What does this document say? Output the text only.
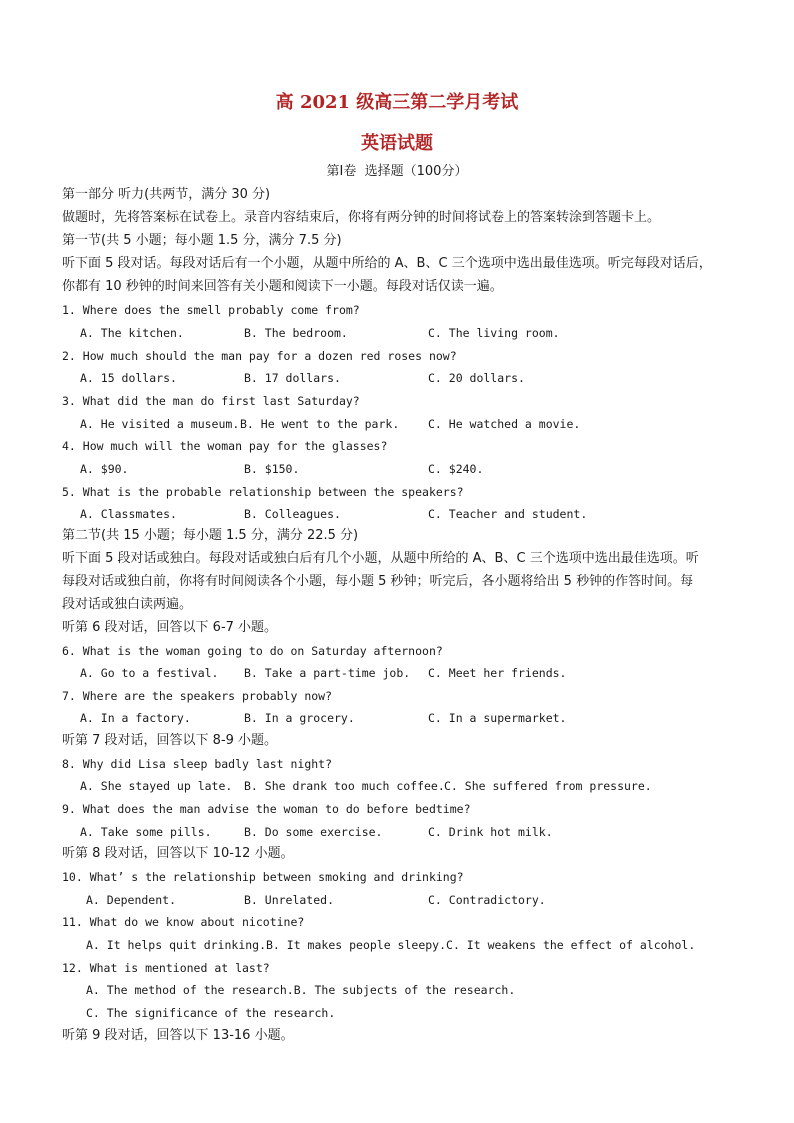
高 2021 级高三第二学月考试
英语试题
第Ⅰ卷  选择题（100分）
第一部分 听力(共两节，满分 30 分)
做题时，先将答案标在试卷上。录音内容结束后，你将有两分钟的时间将试卷上的答案转涂到答题卡上。
第一节(共 5 小题；每小题 1.5 分，满分 7.5 分)
听下面 5 段对话。每段对话后有一个小题，从题中所给的 A、B、C 三个选项中选出最佳选项。听完每段对话后，
你都有 10 秒钟的时间来回答有关小题和阅读下一小题。每段对话仅读一遍。
1. Where does the smell probably come from?
A. The kitchen.	B. The bedroom.	C. The living room.
2. How much should the man pay for a dozen red roses now?
A. 15 dollars.	B. 17 dollars.	C. 20 dollars.
3. What did the man do first last Saturday?
A. He visited a museum. B. He went to the park.	C. He watched a movie.
4. How much will the woman pay for the glasses?
A. $90.	B. $150.	C. $240.
5. What is the probable relationship between the speakers?
A. Classmates.	B. Colleagues.	C. Teacher and student.
第二节(共 15 小题；每小题 1.5 分，满分 22.5 分)
听下面 5 段对话或独白。每段对话或独白后有几个小题，从题中所给的 A、B、C 三个选项中选出最佳选项。听
每段对话或独白前，你将有时间阅读各个小题，每小题 5 秒钟；听完后，各小题将给出 5 秒钟的作答时间。每
段对话或独白读两遍。
听第 6 段对话，回答以下 6-7 小题。
6. What is the woman going to do on Saturday afternoon?
A. Go to a festival. B. Take a part-time job. C. Meet her friends.
7. Where are the speakers probably now?
A. In a factory.	B. In a grocery.	C. In a supermarket.
听第 7 段对话，回答以下 8-9 小题。
8. Why did Lisa sleep badly last night?
A. She stayed up late. B. She drank too much coffee. C. She suffered from pressure.
9. What does the man advise the woman to do before bedtime?
A. Take some pills.	B. Do some exercise.	C. Drink hot milk.
听第 8 段对话，回答以下 10-12 小题。
10. What’ s the relationship between smoking and drinking?
A. Dependent.	B. Unrelated.	C. Contradictory.
11. What do we know about nicotine?
A. It helps quit drinking.B. It makes people sleepy.C. It weakens the effect of alcohol.
12. What is mentioned at last?
A. The method of the research.B. The subjects of the research.
C. The significance of the research.
听第 9 段对话，回答以下 13-16 小题。
